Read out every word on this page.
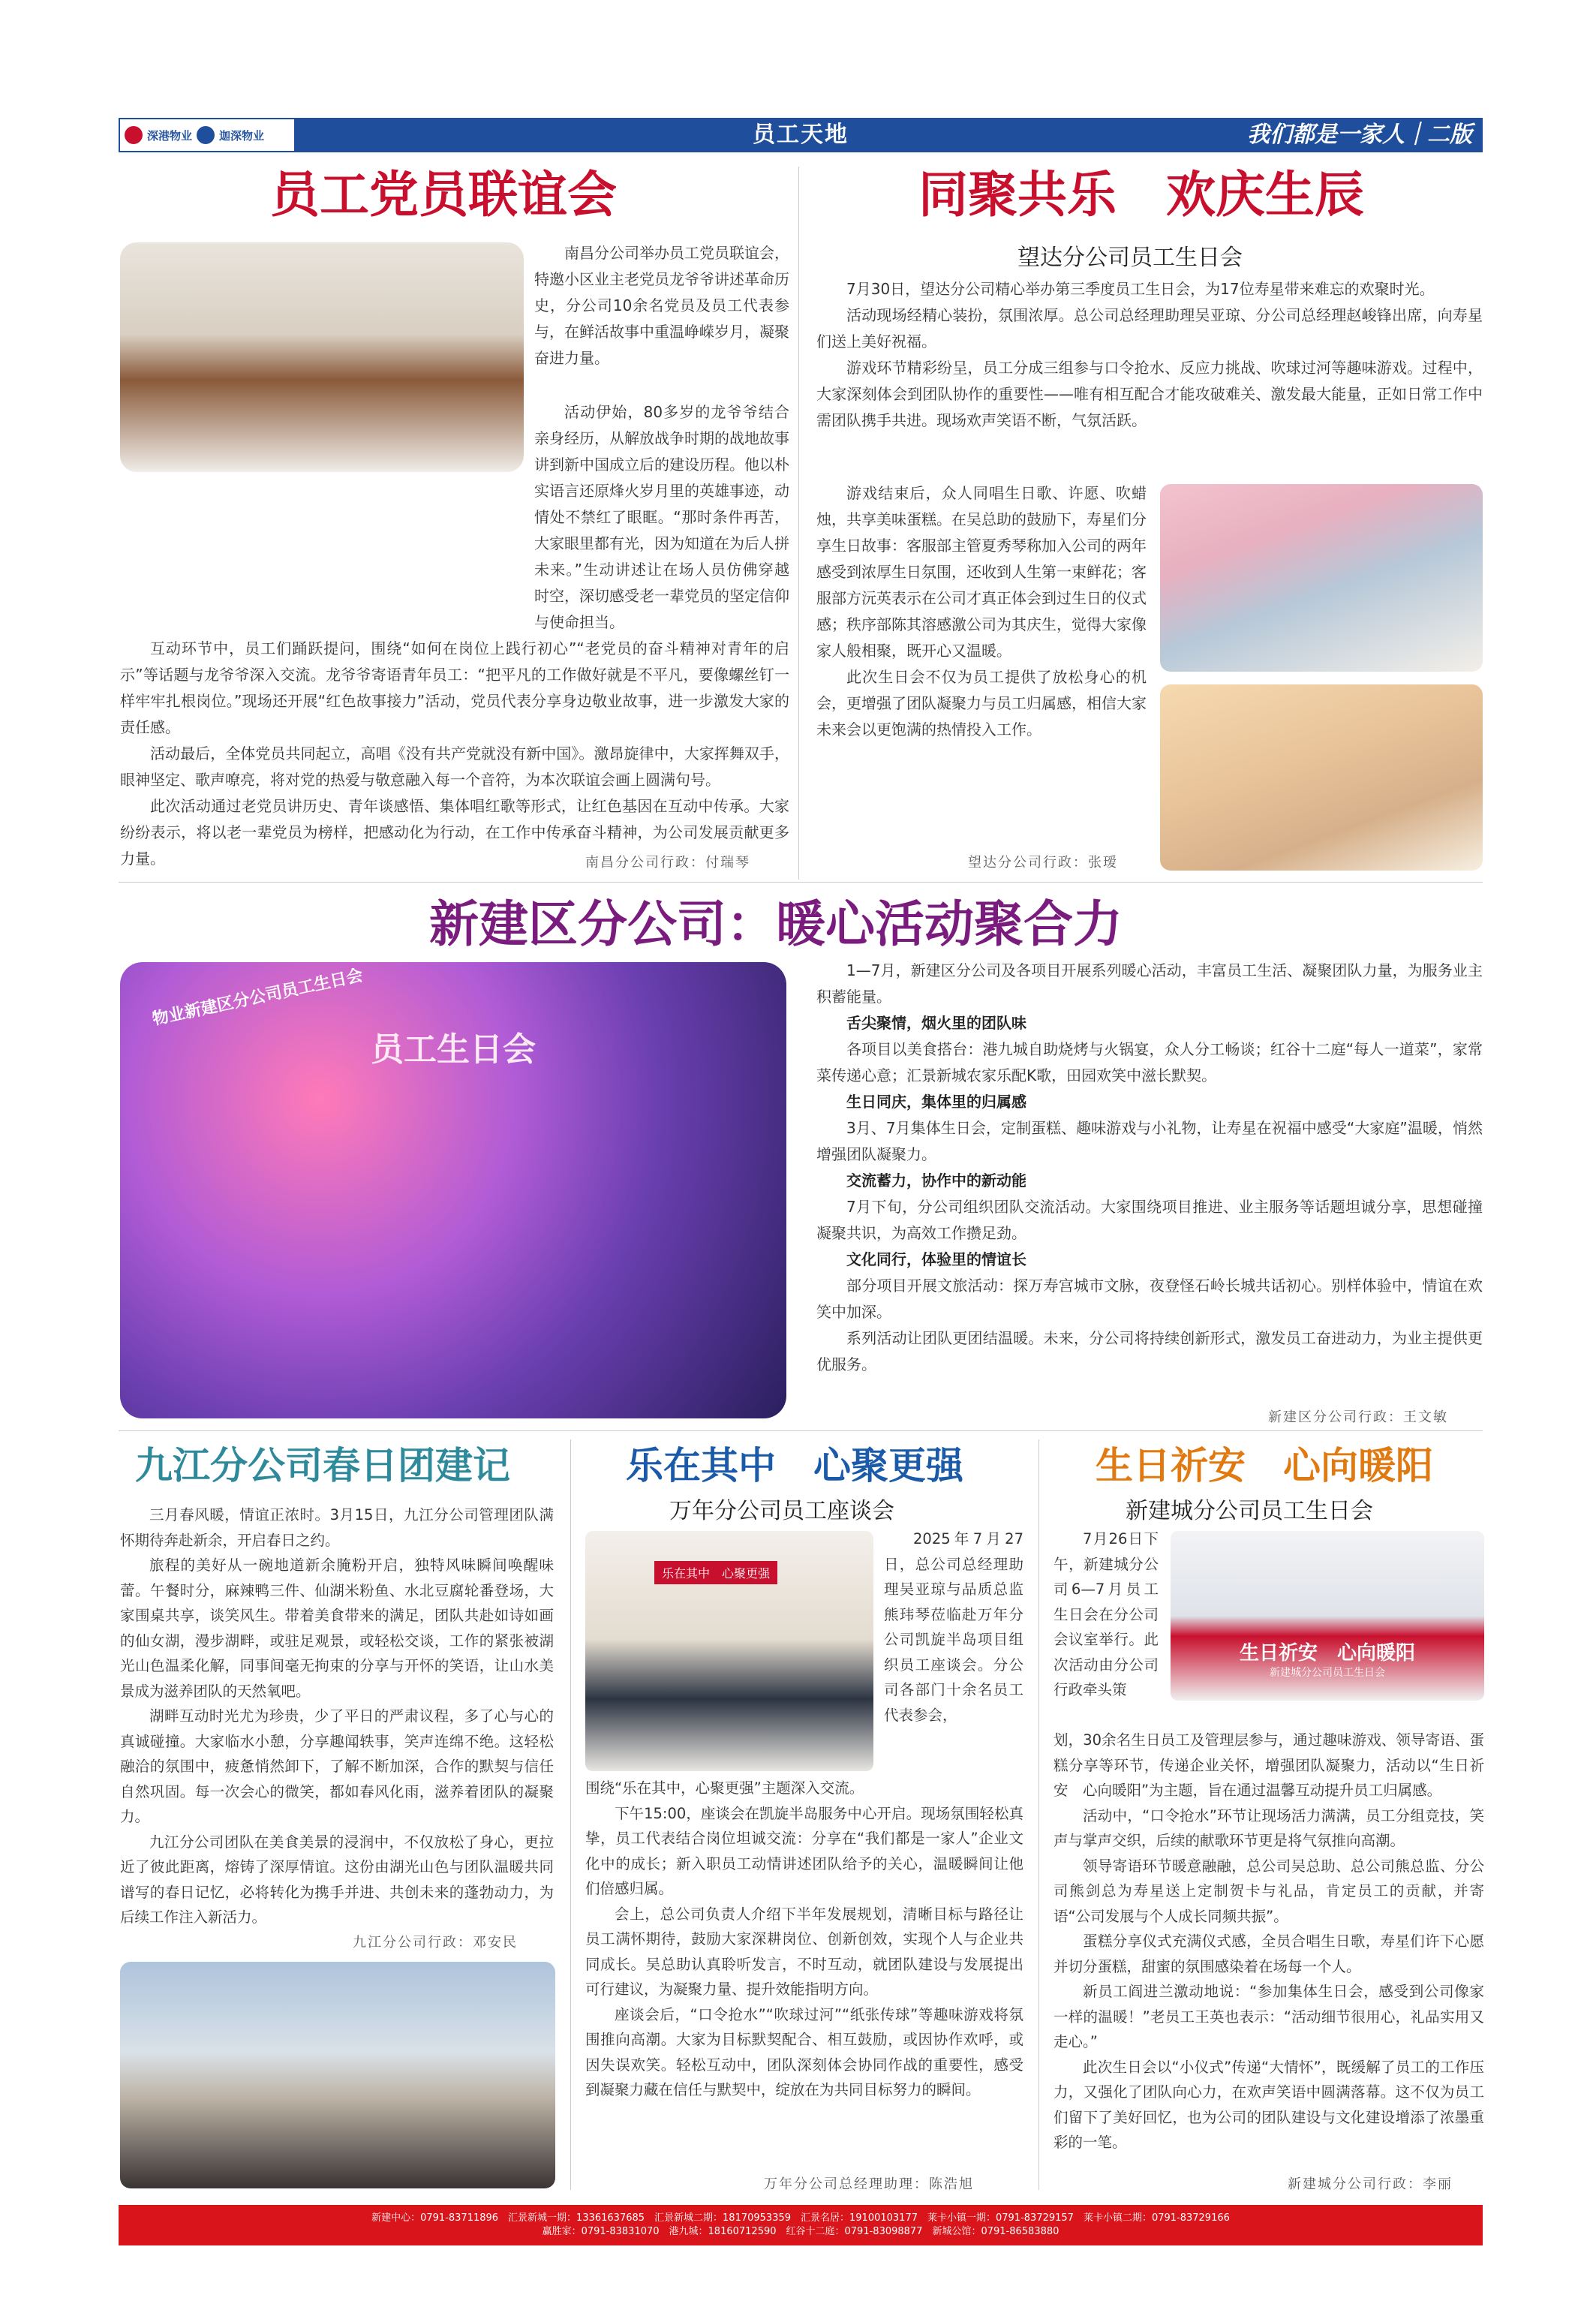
员工天地
深港物业 迦深物业	我们都是一家人｜二版
员工党员联谊会

南昌分公司举办员工党员联谊会，特邀小区业主老党员龙爷爷讲述革命历史，分公司10余名党员及员工代表参与，在鲜活故事中重温峥嵘岁月，凝聚奋进力量。

活动伊始，80多岁的龙爷爷结合亲身经历，从解放战争时期的战地故事讲到新中国成立后的建设历程。他以朴实语言还原烽火岁月里的英雄事迹，动情处不禁红了眼眶。“那时条件再苦，大家眼里都有光，因为知道在为后人拼未来。”生动讲述让在场人员仿佛穿越时空，深切感受老一辈党员的坚定信仰与使命担当。

互动环节中，员工们踊跃提问，围绕“如何在岗位上践行初心”“老党员的奋斗精神对青年的启示”等话题与龙爷爷深入交流。龙爷爷寄语青年员工：“把平凡的工作做好就是不平凡，要像螺丝钉一样牢牢扎根岗位。”现场还开展“红色故事接力”活动，党员代表分享身边敬业故事，进一步激发大家的责任感。

活动最后，全体党员共同起立，高唱《没有共产党就没有新中国》。激昂旋律中，大家挥舞双手，眼神坚定、歌声嘹亮，将对党的热爱与敬意融入每一个音符，为本次联谊会画上圆满句号。

此次活动通过老党员讲历史、青年谈感悟、集体唱红歌等形式，让红色基因在互动中传承。大家纷纷表示，将以老一辈党员为榜样，把感动化为行动，在工作中传承奋斗精神，为公司发展贡献更多力量。	南昌分公司行政：付瑞琴
同聚共乐　欢庆生辰
望达分公司员工生日会

7月30日，望达分公司精心举办第三季度员工生日会，为17位寿星带来难忘的欢聚时光。

活动现场经精心装扮，氛围浓厚。总公司总经理助理吴亚琼、分公司总经理赵峻锋出席，向寿星们送上美好祝福。

游戏环节精彩纷呈，员工分成三组参与口令抢水、反应力挑战、吹球过河等趣味游戏。过程中，大家深刻体会到团队协作的重要性——唯有相互配合才能攻破难关、激发最大能量，正如日常工作中需团队携手共进。现场欢声笑语不断，气氛活跃。

游戏结束后，众人同唱生日歌、许愿、吹蜡烛，共享美味蛋糕。在吴总助的鼓励下，寿星们分享生日故事：客服部主管夏秀琴称加入公司的两年感受到浓厚生日氛围，还收到人生第一束鲜花；客服部方沅英表示在公司才真正体会到过生日的仪式感；秩序部陈其溶感激公司为其庆生，觉得大家像家人般相聚，既开心又温暖。

此次生日会不仅为员工提供了放松身心的机会，更增强了团队凝聚力与员工归属感，相信大家未来会以更饱满的热情投入工作。

望达分公司行政：张瑷
新建区分公司：暖心活动聚合力
物业新建区分公司员工生日会
员工生日会

1—7月，新建区分公司及各项目开展系列暖心活动，丰富员工生活、凝聚团队力量，为服务业主积蓄能量。

舌尖聚情，烟火里的团队味

各项目以美食搭台：港九城自助烧烤与火锅宴，众人分工畅谈；红谷十二庭“每人一道菜”，家常菜传递心意；汇景新城农家乐配K歌，田园欢笑中滋长默契。

生日同庆，集体里的归属感

3月、7月集体生日会，定制蛋糕、趣味游戏与小礼物，让寿星在祝福中感受“大家庭”温暖，悄然增强团队凝聚力。

交流蓄力，协作中的新动能

7月下旬，分公司组织团队交流活动。大家围绕项目推进、业主服务等话题坦诚分享，思想碰撞凝聚共识，为高效工作攒足劲。

文化同行，体验里的情谊长

部分项目开展文旅活动：探万寿宫城市文脉，夜登怪石岭长城共话初心。别样体验中，情谊在欢笑中加深。

系列活动让团队更团结温暖。未来，分公司将持续创新形式，激发员工奋进动力，为业主提供更优服务。

新建区分公司行政：王文敏
九江分公司春日团建记

三月春风暖，情谊正浓时。3月15日，九江分公司管理团队满怀期待奔赴新余，开启春日之约。

旅程的美好从一碗地道新余腌粉开启，独特风味瞬间唤醒味蕾。午餐时分，麻辣鸭三件、仙湖米粉鱼、水北豆腐轮番登场，大家围桌共享，谈笑风生。带着美食带来的满足，团队共赴如诗如画的仙女湖，漫步湖畔，或驻足观景，或轻松交谈，工作的紧张被湖光山色温柔化解，同事间毫无拘束的分享与开怀的笑语，让山水美景成为滋养团队的天然氧吧。

湖畔互动时光尤为珍贵，少了平日的严肃议程，多了心与心的真诚碰撞。大家临水小憩，分享趣闻轶事，笑声连绵不绝。这轻松融洽的氛围中，疲惫悄然卸下，了解不断加深，合作的默契与信任自然巩固。每一次会心的微笑，都如春风化雨，滋养着团队的凝聚力。

九江分公司团队在美食美景的浸润中，不仅放松了身心，更拉近了彼此距离，熔铸了深厚情谊。这份由湖光山色与团队温暖共同谱写的春日记忆，必将转化为携手并进、共创未来的蓬勃动力，为后续工作注入新活力。

九江分公司行政：邓安民
乐在其中　心聚更强
万年分公司员工座谈会
乐在其中　心聚更强

2025年7月27日，总公司总经理助理吴亚琼与品质总监熊玮琴莅临赴万年分公司凯旋半岛项目组织员工座谈会。分公司各部门十余名员工代表参会，

围绕“乐在其中，心聚更强”主题深入交流。

下午15:00，座谈会在凯旋半岛服务中心开启。现场氛围轻松真挚，员工代表结合岗位坦诚交流：分享在“我们都是一家人”企业文化中的成长；新入职员工动情讲述团队给予的关心，温暖瞬间让他们倍感归属。

会上，总公司负责人介绍下半年发展规划，清晰目标与路径让员工满怀期待，鼓励大家深耕岗位、创新创效，实现个人与企业共同成长。吴总助认真聆听发言，不时互动，就团队建设与发展提出可行建议，为凝聚力量、提升效能指明方向。

座谈会后，“口令抢水”“吹球过河”“纸张传球”等趣味游戏将氛围推向高潮。大家为目标默契配合、相互鼓励，或因协作欢呼，或因失误欢笑。轻松互动中，团队深刻体会协同作战的重要性，感受到凝聚力藏在信任与默契中，绽放在为共同目标努力的瞬间。

万年分公司总经理助理：陈浩旭
生日祈安　心向暖阳
新建城分公司员工生日会

7月26日下午，新建城分公司6—7月员工生日会在分公司会议室举行。此次活动由分公司行政牵头策

生日祈安　心向暖阳
新建城分公司员工生日会

划，30余名生日员工及管理层参与，通过趣味游戏、领导寄语、蛋糕分享等环节，传递企业关怀，增强团队凝聚力，活动以“生日祈安　心向暖阳”为主题，旨在通过温馨互动提升员工归属感。

活动中，“口令抢水”环节让现场活力满满，员工分组竞技，笑声与掌声交织，后续的献歌环节更是将气氛推向高潮。

领导寄语环节暖意融融，总公司吴总助、总公司熊总监、分公司熊剑总为寿星送上定制贺卡与礼品，肯定员工的贡献，并寄语“公司发展与个人成长同频共振”。

蛋糕分享仪式充满仪式感，全员合唱生日歌，寿星们许下心愿并切分蛋糕，甜蜜的氛围感染着在场每一个人。

新员工阎进兰激动地说：“参加集体生日会，感受到公司像家一样的温暖！”老员工王英也表示：“活动细节很用心，礼品实用又走心。”

此次生日会以“小仪式”传递“大情怀”，既缓解了员工的工作压力，又强化了团队向心力，在欢声笑语中圆满落幕。这不仅为员工们留下了美好回忆，也为公司的团队建设与文化建设增添了浓墨重彩的一笔。

新建城分公司行政：李丽
新建中心：0791-83711896　汇景新城一期：13361637685　汇景新城二期：18170953359　汇景名居：19100103177　莱卡小镇一期：0791-83729157　莱卡小镇二期：0791-83729166
赢胜家：0791-83831070　港九城：18160712590　红谷十二庭：0791-83098877　新城公馆：0791-86583880
